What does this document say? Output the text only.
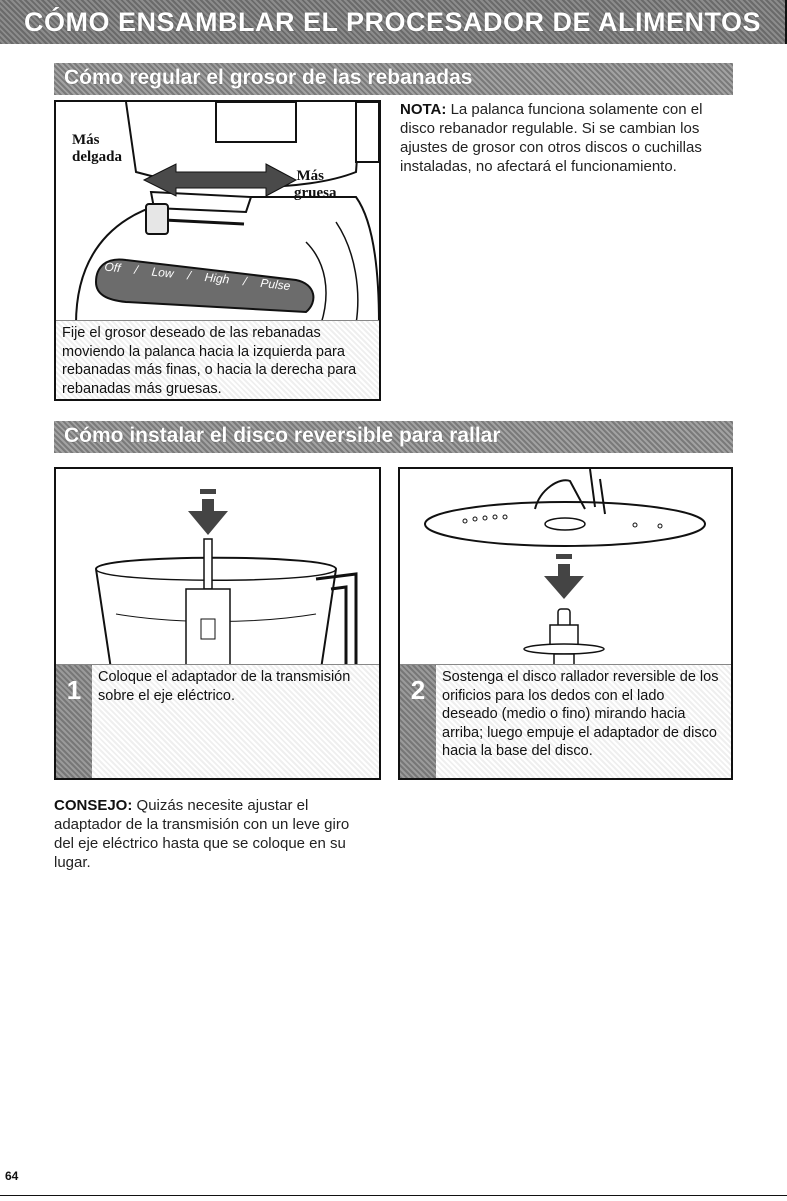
CÓMO ENSAMBLAR EL PROCESADOR DE ALIMENTOS
Cómo regular el grosor de las rebanadas
Más
delgada
Más
gruesa
Off / Low / High / Pulse
Fije el grosor deseado de las rebanadas moviendo la palanca hacia la izquierda para rebanadas más finas, o hacia la derecha para rebanadas más gruesas.
NOTA: La palanca funciona solamente con el disco rebanador regulable. Si se cambian los ajustes de grosor con otros discos o cuchillas instaladas, no afectará el funcionamiento.
Cómo instalar el disco reversible para rallar
1	Coloque el adaptador de la transmisión sobre el eje eléctrico.	2	Sostenga el disco rallador reversible de los orificios para los dedos con el lado deseado (medio o fino) mirando hacia arriba; luego empuje el adaptador de disco hacia la base del disco.
CONSEJO: Quizás necesite ajustar el adaptador de la transmisión con un leve giro del eje eléctrico hasta que se coloque en su lugar.
64
